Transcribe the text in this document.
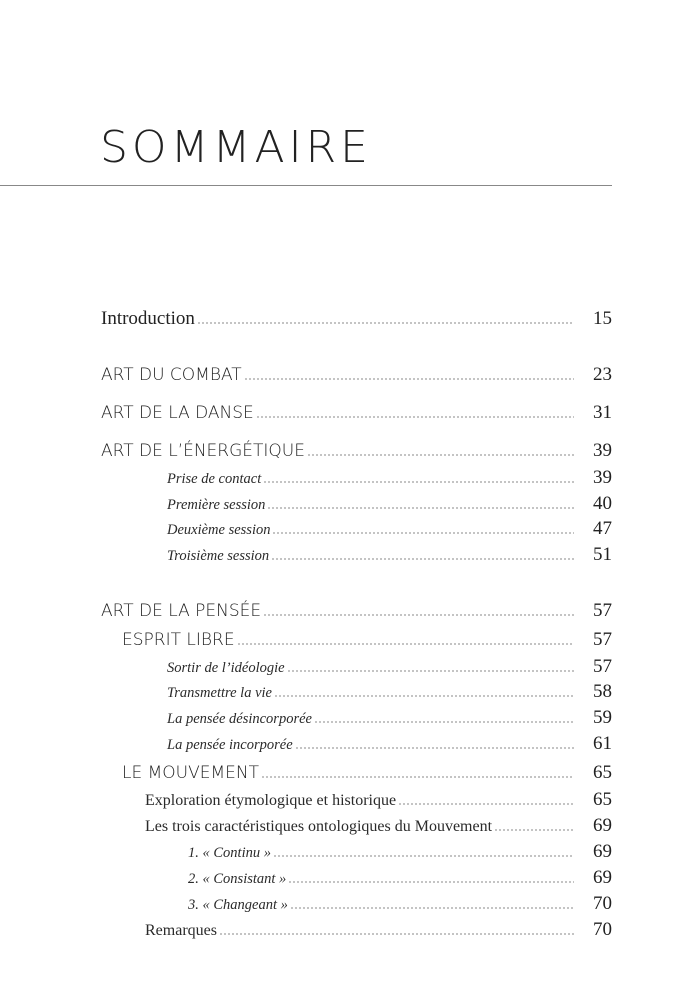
SOMMAIRE
Introduction	15
ART DU COMBAT	23
ART DE LA DANSE	31
ART DE L’ÉNERGÉTIQUE	39
Prise de contact	39
Première session	40
Deuxième session	47
Troisième session	51
ART DE LA PENSÉE	57
ESPRIT LIBRE	57
Sortir de l’idéologie	57
Transmettre la vie	58
La pensée désincorporée	59
La pensée incorporée	61
LE MOUVEMENT	65
Exploration étymologique et historique	65
Les trois caractéristiques ontologiques du Mouvement	69
1. « Continu »	69
2. « Consistant »	69
3. « Changeant »	70
Remarques	70
